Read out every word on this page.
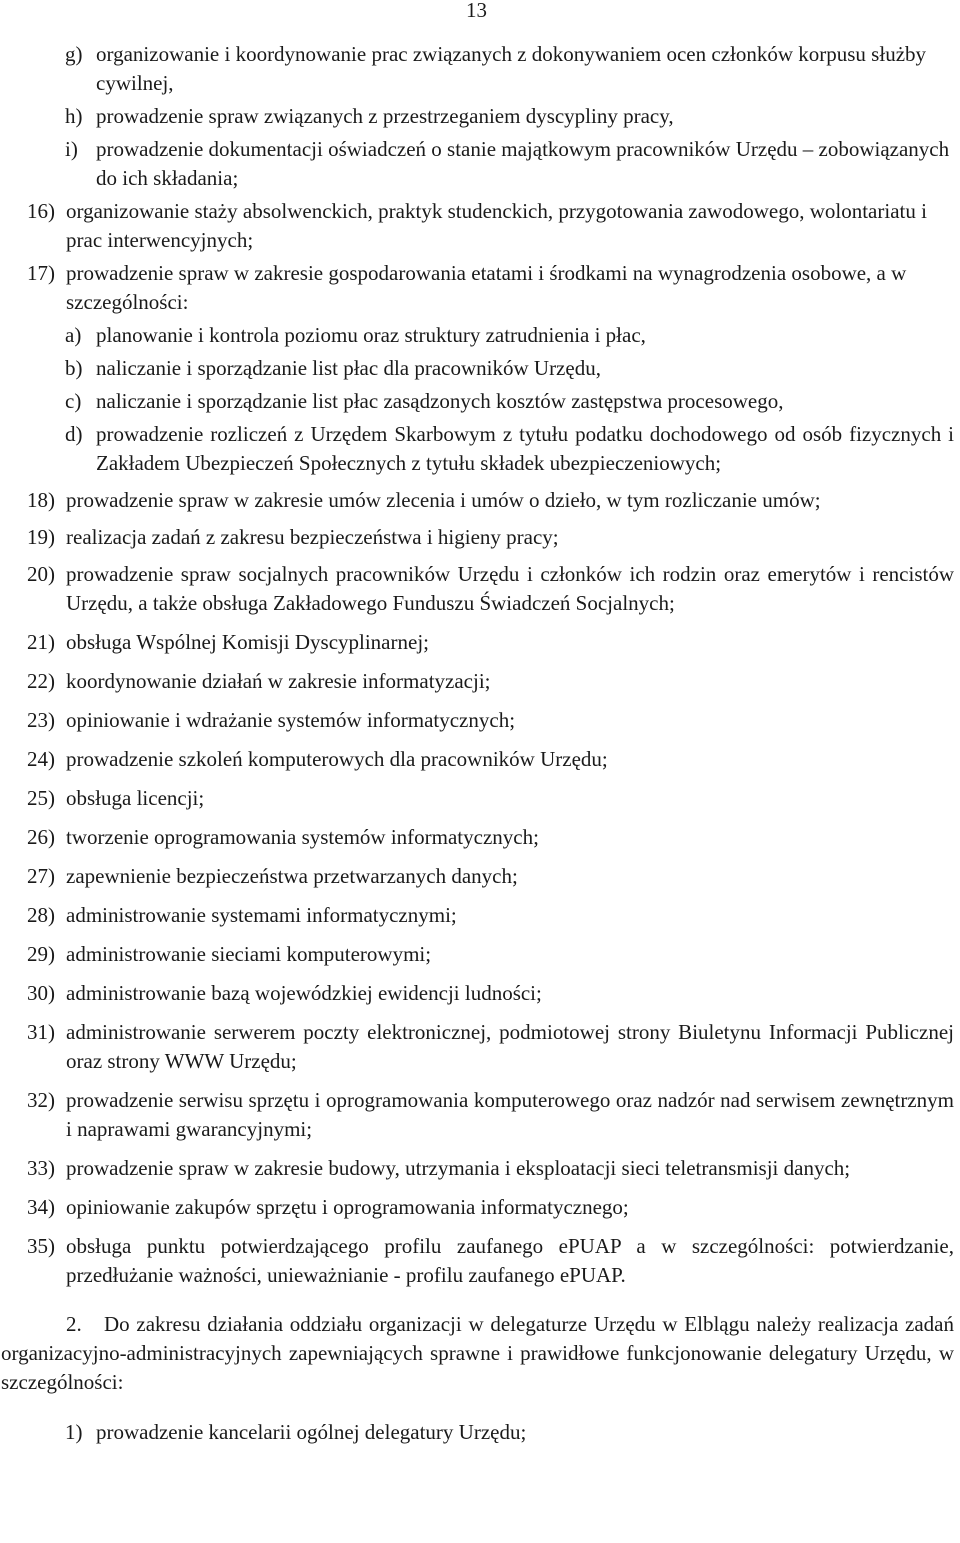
13
g) organizowanie i koordynowanie prac związanych z dokonywaniem ocen członków korpusu służby cywilnej,
h) prowadzenie spraw związanych z przestrzeganiem dyscypliny pracy,
i) prowadzenie dokumentacji oświadczeń o stanie majątkowym pracowników Urzędu – zobowiązanych do ich składania;
16) organizowanie staży absolwenckich, praktyk studenckich, przygotowania zawodowego, wolontariatu i prac interwencyjnych;
17) prowadzenie spraw w zakresie gospodarowania etatami i środkami na wynagrodzenia osobowe, a w szczególności:
a) planowanie i kontrola poziomu oraz struktury zatrudnienia i płac,
b) naliczanie i sporządzanie list płac dla pracowników Urzędu,
c) naliczanie i sporządzanie list płac zasądzonych kosztów zastępstwa procesowego,
d) prowadzenie rozliczeń z Urzędem Skarbowym z tytułu podatku dochodowego od osób fizycznych i Zakładem Ubezpieczeń Społecznych z tytułu składek ubezpieczeniowych;
18) prowadzenie spraw w zakresie umów zlecenia i umów o dzieło, w tym rozliczanie umów;
19) realizacja zadań z zakresu bezpieczeństwa i higieny pracy;
20) prowadzenie spraw socjalnych pracowników Urzędu i członków ich rodzin oraz emerytów i rencistów Urzędu, a także obsługa Zakładowego Funduszu Świadczeń Socjalnych;
21) obsługa Wspólnej Komisji Dyscyplinarnej;
22) koordynowanie działań w zakresie informatyzacji;
23) opiniowanie i wdrażanie systemów informatycznych;
24) prowadzenie szkoleń komputerowych dla pracowników Urzędu;
25) obsługa licencji;
26) tworzenie oprogramowania systemów informatycznych;
27) zapewnienie bezpieczeństwa przetwarzanych danych;
28) administrowanie systemami informatycznymi;
29) administrowanie sieciami komputerowymi;
30) administrowanie bazą wojewódzkiej ewidencji ludności;
31) administrowanie serwerem poczty elektronicznej, podmiotowej strony Biuletynu Informacji Publicznej oraz strony WWW Urzędu;
32) prowadzenie serwisu sprzętu i oprogramowania komputerowego oraz nadzór nad serwisem zewnętrznym i naprawami gwarancyjnymi;
33) prowadzenie spraw w zakresie budowy, utrzymania i eksploatacji sieci teletransmisji danych;
34) opiniowanie zakupów sprzętu i oprogramowania informatycznego;
35) obsługa punktu potwierdzającego profilu zaufanego ePUAP a w szczególności: potwierdzanie, przedłużanie ważności, unieważnianie - profilu zaufanego ePUAP.

2. Do zakresu działania oddziału organizacji w delegaturze Urzędu w Elblągu należy realizacja zadań organizacyjno-administracyjnych zapewniających sprawne i prawidłowe funkcjonowanie delegatury Urzędu, w szczególności:

1) prowadzenie kancelarii ogólnej delegatury Urzędu;
